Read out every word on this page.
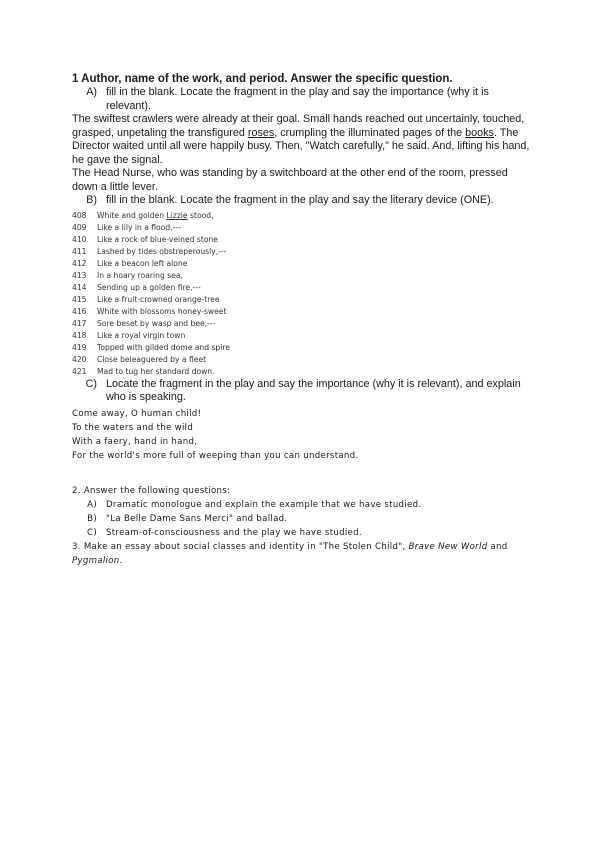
1 Author, name of the work, and period. Answer the specific question.

A) fill in the blank. Locate the fragment in the play and say the importance (why it is relevant).

The swiftest crawlers were already at their goal. Small hands reached out uncertainly, touched, grasped, unpetaling the transfigured roses, crumpling the illuminated pages of the books. The Director waited until all were happily busy. Then, "Watch carefully," he said. And, lifting his hand, he gave the signal.

The Head Nurse, who was standing by a switchboard at the other end of the room, pressed down a little lever.

B) fill in the blank. Locate the fragment in the play and say the literary device (ONE).
408	White and golden Lizzie stood,
409	Like a lily in a flood,---
410	Like a rock of blue-veined stone
411	Lashed by tides obstreperously,---
412	Like a beacon left alone
413	In a hoary roaring sea,
414	Sending up a golden fire,---
415	Like a fruit-crowned orange-tree
416	White with blossoms honey-sweet
417	Sore beset by wasp and bee,---
418	Like a royal virgin town
419	Topped with gilded dome and spire
420	Close beleaguered by a fleet
421	Mad to tug her standard down.
C) Locate the fragment in the play and say the importance (why it is relevant), and explain who is speaking.
Come away, O human child!
To the waters and the wild
With a faery, hand in hand,
For the world's more full of weeping than you can understand.
2. Answer the following questions:
A)	Dramatic monologue and explain the example that we have studied.
B)	"La Belle Dame Sans Merci" and ballad.
C)	Stream-of-consciousness and the play we have studied.
3. Make an essay about social classes and identity in "The Stolen Child", Brave New World and Pygmalion.
